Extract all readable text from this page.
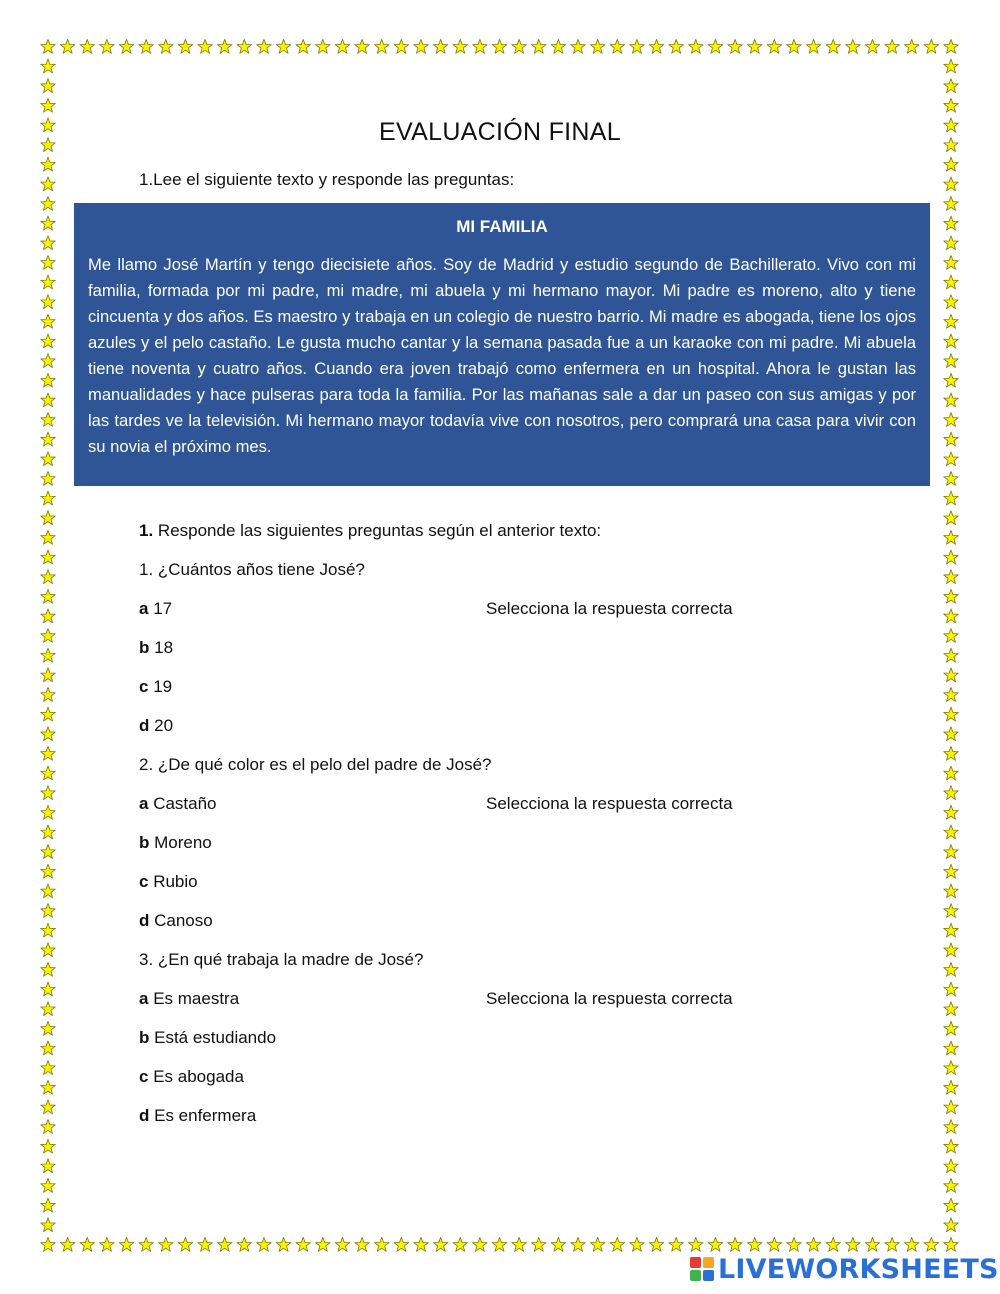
EVALUACIÓN FINAL
1.Lee el siguiente texto y responde las preguntas:

MI FAMILIA

Me llamo José Martín y tengo diecisiete años. Soy de Madrid y estudio segundo de Bachillerato. Vivo con mi familia, formada por mi padre, mi madre, mi abuela y mi hermano mayor. Mi padre es moreno, alto y tiene cincuenta y dos años. Es maestro y trabaja en un colegio de nuestro barrio. Mi madre es abogada, tiene los ojos azules y el pelo castaño. Le gusta mucho cantar y la semana pasada fue a un karaoke con mi padre. Mi abuela tiene noventa y cuatro años. Cuando era joven trabajó como enfermera en un hospital. Ahora le gustan las manualidades y hace pulseras para toda la familia. Por las mañanas sale a dar un paseo con sus amigas y por las tardes ve la televisión. Mi hermano mayor todavía vive con nosotros, pero comprará una casa para vivir con su novia el próximo mes.

1. Responde las siguientes preguntas según el anterior texto:
1. ¿Cuántos años tiene José?
a 17	Selecciona la respuesta correcta
b 18
c 19
d 20
2. ¿De qué color es el pelo del padre de José?
a Castaño	Selecciona la respuesta correcta
b Moreno
c Rubio
d Canoso
3. ¿En qué trabaja la madre de José?
a Es maestra	Selecciona la respuesta correcta
b Está estudiando
c Es abogada
d Es enfermera
LIVEWORKSHEETS
